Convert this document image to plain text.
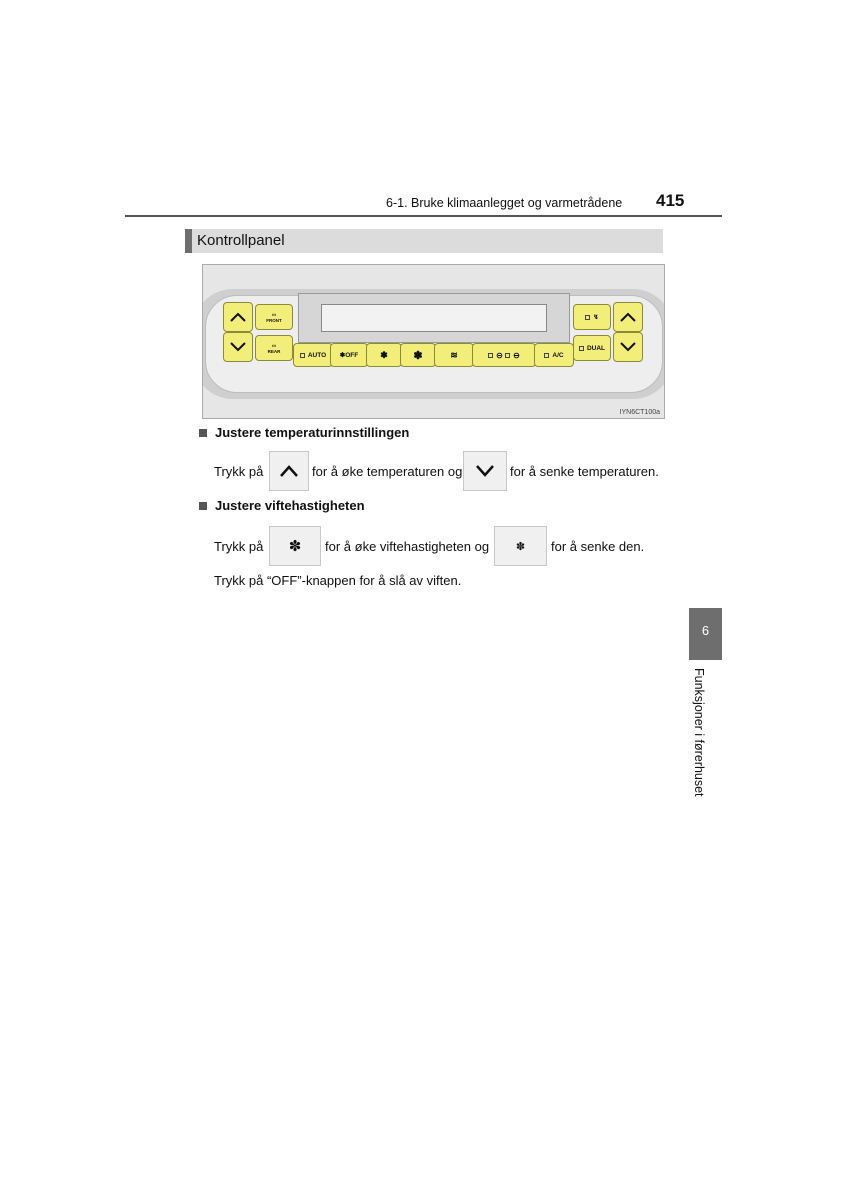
6-1. Bruke klimaanlegget og varmetrådene 415
Kontrollpanel
▭
FRONT
▭
REAR
AUTO ✽ OFF ✽ ✽	≋	⊝
⊖	A/C
↯
DUAL
IYN6CT100a
Justere temperaturinnstillingen
Trykk på	for å øke temperaturen og	for å senke temperaturen.
Justere viftehastigheten
Trykk på ✽ for å øke viftehastigheten og ✽ for å senke den.
Trykk på “OFF”-knappen for å slå av viften.
6
Funksjoner i førerhuset
